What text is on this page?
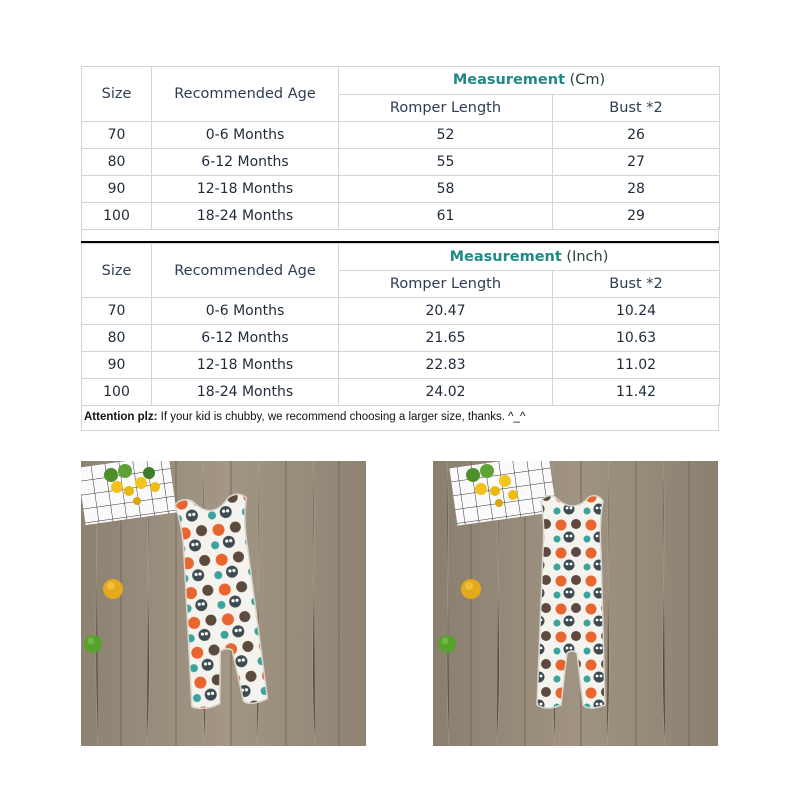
Size	Recommended Age	Measurement (Cm)	
		Romper Length	Bust *2
70	0-6 Months	52	26
80	6-12 Months	55	27
90	12-18 Months	58	28
100	18-24 Months	61	29
Size	Recommended Age	Measurement (Inch)	
		Romper Length	Bust *2
70	0-6 Months	20.47	10.24
80	6-12 Months	21.65	10.63
90	12-18 Months	22.83	11.02
100	18-24 Months	24.02	11.42
Attention plz: If your kid is chubby, we recommend choosing a larger size, thanks. ^_^
